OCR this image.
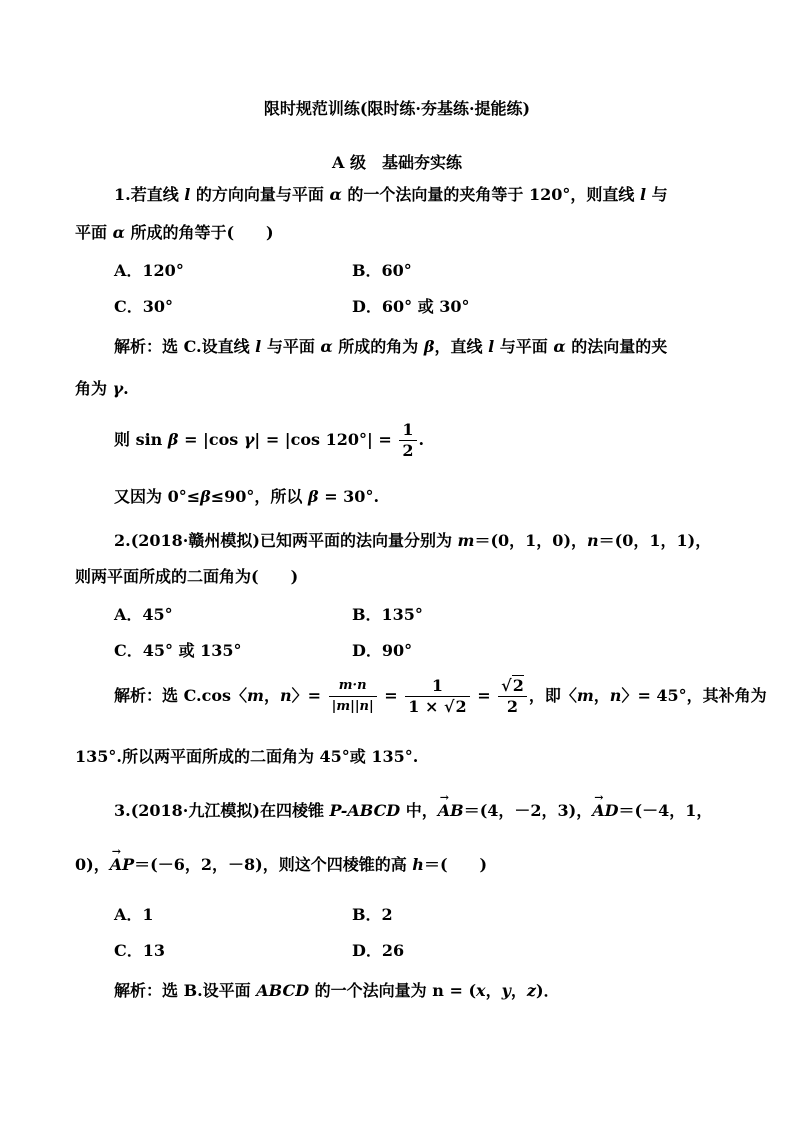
限时规范训练(限时练·夯基练·提能练)
A 级　基础夯实练
1.若直线 l 的方向向量与平面 α 的一个法向量的夹角等于 120°，则直线 l 与
平面 α 所成的角等于(　　)
A．120°	B．60°
C．30°	D．60° 或 30°
解析：选 C.设直线 l 与平面 α 所成的角为 β，直线 l 与平面 α 的法向量的夹
角为 γ.
则 sin β = |cos γ| = |cos $120^\circ| = \frac{1}{2}$ .
又因为 0°≤β≤90°，所以 β = 30°.
2.(2018·赣州模拟)已知两平面的法向量分别为 m＝(0，1，0)，n＝(0，1，1)，
则两平面所成的二面角为(　　)
A．45°	B．135°
C．45° 或 135°	D．90°
解析：选 C.cos〈m，n〉= $\frac{m\cdot n}{|m||n|} = \frac{1}{1 \times √2} = \frac{√2}{2}$ ，即〈m，n〉= 45°，其补角为
135°.所以两平面所成的二面角为 45°或 135°.
3.(2018·九江模拟)在四棱锥 P-ABCD 中，→ AB＝(4，－2，3)，→ AD＝(－4，1，
0)，→ AP＝(－6，2，－8)，则这个四棱锥的高 h＝(　　)
A．1	B．2
C．13	D．26
解析：选 B.设平面 ABCD 的一个法向量为 n = (x，y，z)．
